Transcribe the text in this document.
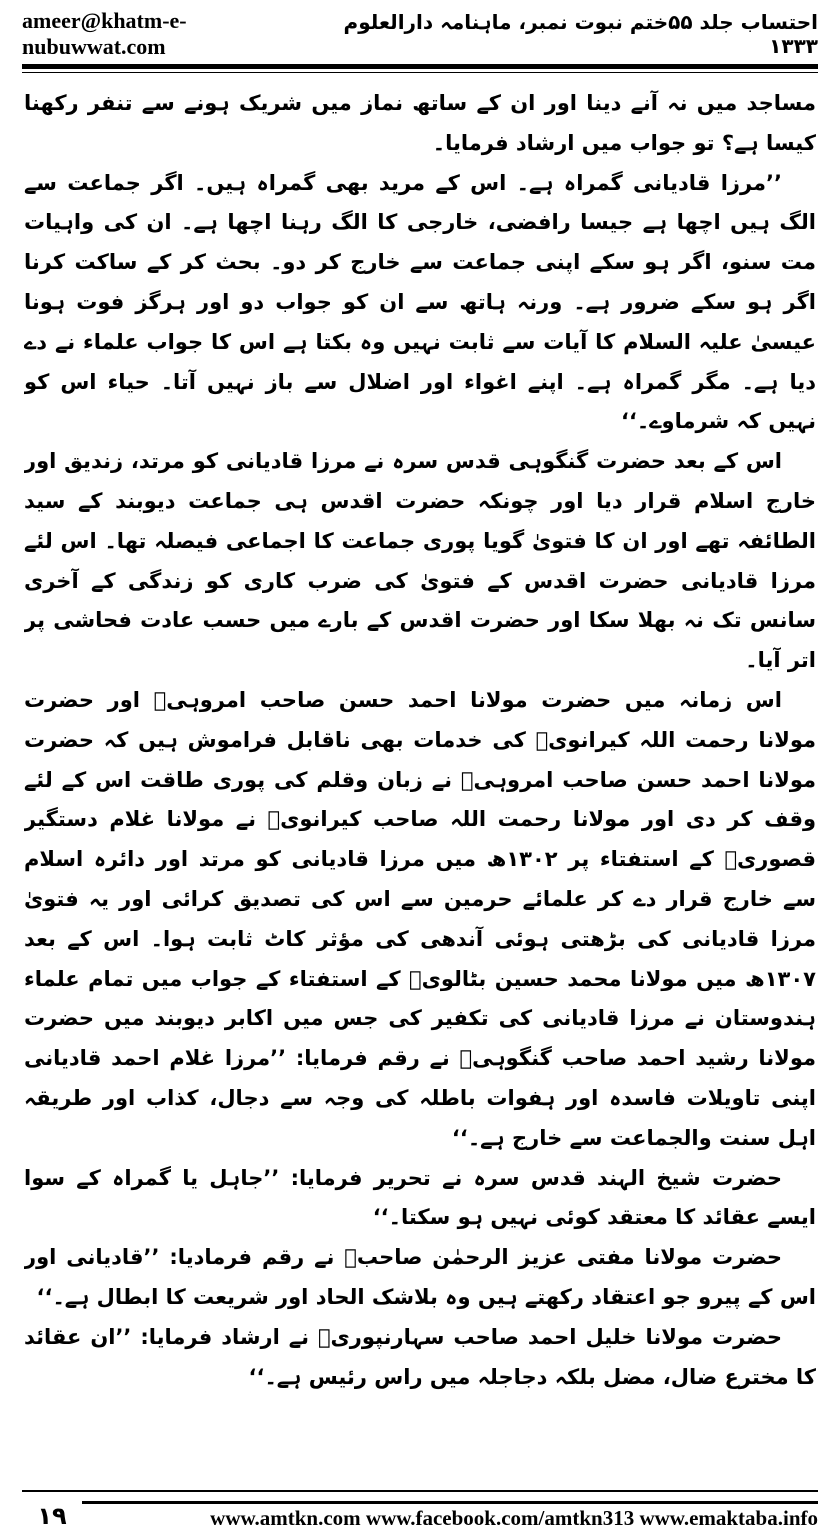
ameer@khatm-e-nubuwwat.com
احتساب جلد ۵۵ختم نبوت نمبر، ماہنامہ دارالعلوم ۱۳۳۳

مساجد میں نہ آنے دینا اور ان کے ساتھ نماز میں شریک ہونے سے تنفر رکھنا کیسا ہے؟ تو جواب میں ارشاد فرمایا۔

’’مرزا قادیانی گمراہ ہے۔ اس کے مرید بھی گمراہ ہیں۔ اگر جماعت سے الگ ہیں اچھا ہے جیسا رافضی، خارجی کا الگ رہنا اچھا ہے۔ ان کی واہیات مت سنو، اگر ہو سکے اپنی جماعت سے خارج کر دو۔ بحث کر کے ساکت کرنا اگر ہو سکے ضرور ہے۔ ورنہ ہاتھ سے ان کو جواب دو اور ہرگز فوت ہونا عیسیٰ علیہ السلام کا آیات سے ثابت نہیں وہ بکتا ہے اس کا جواب علماء نے دے دیا ہے۔ مگر گمراہ ہے۔ اپنے اغواء اور اضلال سے باز نہیں آتا۔ حیاء اس کو نہیں کہ شرماوے۔‘‘

اس کے بعد حضرت گنگوہی قدس سرہ نے مرزا قادیانی کو مرتد، زندیق اور خارج اسلام قرار دیا اور چونکہ حضرت اقدس ہی جماعت دیوبند کے سید الطائفہ تھے اور ان کا فتویٰ گویا پوری جماعت کا اجماعی فیصلہ تھا۔ اس لئے مرزا قادیانی حضرت اقدس کے فتویٰ کی ضرب کاری کو زندگی کے آخری سانس تک نہ بھلا سکا اور حضرت اقدس کے بارے میں حسب عادت فحاشی پر اتر آیا۔

اس زمانہ میں حضرت مولانا احمد حسن صاحب امروہیؒ اور حضرت مولانا رحمت اللہ کیرانویؒ کی خدمات بھی ناقابل فراموش ہیں کہ حضرت مولانا احمد حسن صاحب امروہیؒ نے زبان وقلم کی پوری طاقت اس کے لئے وقف کر دی اور مولانا رحمت اللہ صاحب کیرانویؒ نے مولانا غلام دستگیر قصوریؒ کے استفتاء پر ۱۳۰۲ھ میں مرزا قادیانی کو مرتد اور دائرہ اسلام سے خارج قرار دے کر علمائے حرمین سے اس کی تصدیق کرائی اور یہ فتویٰ مرزا قادیانی کی بڑھتی ہوئی آندھی کی مؤثر کاٹ ثابت ہوا۔ اس کے بعد ۱۳۰۷ھ میں مولانا محمد حسین بٹالویؒ کے استفتاء کے جواب میں تمام علماء ہندوستان نے مرزا قادیانی کی تکفیر کی جس میں اکابر دیوبند میں حضرت مولانا رشید احمد صاحب گنگوہیؒ نے رقم فرمایا: ’’مرزا غلام احمد قادیانی اپنی تاویلات فاسدہ اور ہفوات باطلہ کی وجہ سے دجال، کذاب اور طریقہ اہل سنت والجماعت سے خارج ہے۔‘‘

حضرت شیخ الہند قدس سرہ نے تحریر فرمایا: ’’جاہل یا گمراہ کے سوا ایسے عقائد کا معتقد کوئی نہیں ہو سکتا۔‘‘

حضرت مولانا مفتی عزیز الرحمٰن صاحبؒ نے رقم فرمادیا: ’’قادیانی اور اس کے پیرو جو اعتقاد رکھتے ہیں وہ بلاشک الحاد اور شریعت کا ابطال ہے۔‘‘

حضرت مولانا خلیل احمد صاحب سہارنپوریؒ نے ارشاد فرمایا: ’’ان عقائد کا مخترع ضال، مضل بلکہ دجاجلہ میں راس رئیس ہے۔‘‘

۱۹	www.amtkn.com www.facebook.com/amtkn313 www.emaktaba.info
